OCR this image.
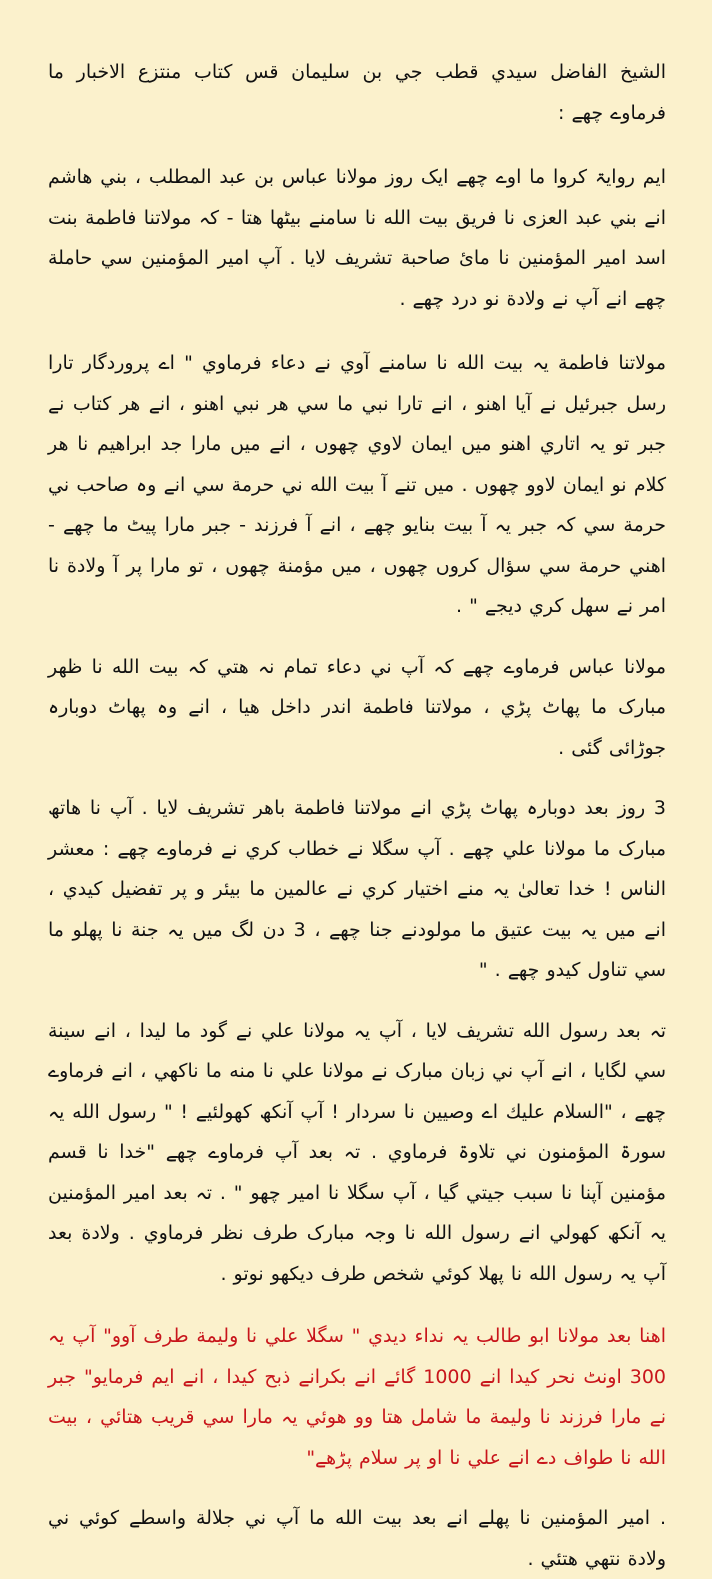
الشيخ الفاضل سيدي قطب جي بن سليمان قس كتاب منتزع الاخبار ما فرماوے چھے :

ایم روایۃ کروا ما اوے چھے ایک روز مولانا عباس بن عبد المطلب ، بني هاشم انے بني عبد العزی نا فریق بیت الله نا سامنے بیٹھا ھتا - کہ مولاتنا فاطمة بنت اسد امیر المؤمنین نا مائ صاحبة تشریف لایا . آپ امیر المؤمنین سي حاملة چھے انے آپ نے ولادة نو درد چھے .

مولاتنا فاطمة یہ بیت الله نا سامنے آوي نے دعاء فرماوي " اے پروردگار تارا رسل جبرئیل نے آیا اهنو ، انے تارا نبي ما سي هر نبي اهنو ، انے هر کتاب نے جبر تو یہ اتاري اهنو میں ایمان لاوي چھوں ، انے میں مارا جد ابراهیم نا هر کلام نو ایمان لاوو چھوں . میں تنے آ بیت الله ني حرمة سي انے وہ صاحب ني حرمة سي کہ جبر یہ آ بیت بنایو چھے ، انے آ فرزند - جبر مارا پیٹ ما چھے - اهني حرمة سي سؤال کروں چھوں ، میں مؤمنة چھوں ، تو مارا پر آ ولادة نا امر نے سهل کري دیجے " .

مولانا عباس فرماوے چھے کہ آپ ني دعاء تمام نہ ھتي کہ بیت الله نا ظهر مبارک ما پھاٹ پڑي ، مولاتنا فاطمة اندر داخل ھیا ، انے وہ پھاٹ دوبارہ جوڑائی گئی .

3 روز بعد دوبارہ پھاٹ پڑي انے مولاتنا فاطمة باهر تشریف لایا . آپ نا هاتھ مبارک ما مولانا علي چھے . آپ سگلا نے خطاب کري نے فرماوے چھے : معشر الناس ! خدا تعالیٰ یہ منے اختیار کري نے عالمین ما بیئر و پر تفضیل کیدي ، انے میں یہ بیت عتیق ما مولودنے جنا چھے ، 3 دن لگ میں یہ جنة نا پھلو ما سي تناول کیدو چھے . "

تہ بعد رسول الله تشریف لایا ، آپ یہ مولانا علي نے گود ما لیدا ، انے سینة سي لگایا ، انے آپ ني زبان مبارک نے مولانا علي نا منه ما ناکھي ، انے فرماوے چھے ، "السلام علیك اے وصیین نا سردار ! آپ آنکھ کھولئیے ! " رسول الله یہ سورۃ المؤمنون ني تلاوۃ فرماوي . تہ بعد آپ فرماوے چھے "خدا نا قسم مؤمنین آپنا نا سبب جیتي گیا ، آپ سگلا نا امیر چھو " . تہ بعد امیر المؤمنین یہ آنکھ کھولي انے رسول الله نا وجہ مبارک طرف نظر فرماوي . ولادة بعد آپ یہ رسول الله نا پهلا کوئي شخص طرف دیکھو نوتو .

اهنا بعد مولانا ابو طالب یہ نداء دیدي " سگلا علي نا ولیمة طرف آوو" آپ یہ 300 اونٹ نحر کیدا انے 1000 گائے انے بکرانے ذبح کیدا ، انے ایم فرمایو" جبر نے مارا فرزند نا ولیمة ما شامل ھتا وو ھوئي یہ مارا سي قریب ھتائي ، بیت الله نا طواف دے انے علي نا او پر سلام پڑھے"

. امیر المؤمنین نا پهلے انے بعد بیت الله ما آپ ني جلالة واسطے کوئي ني ولادة نتھي ھتئي .
